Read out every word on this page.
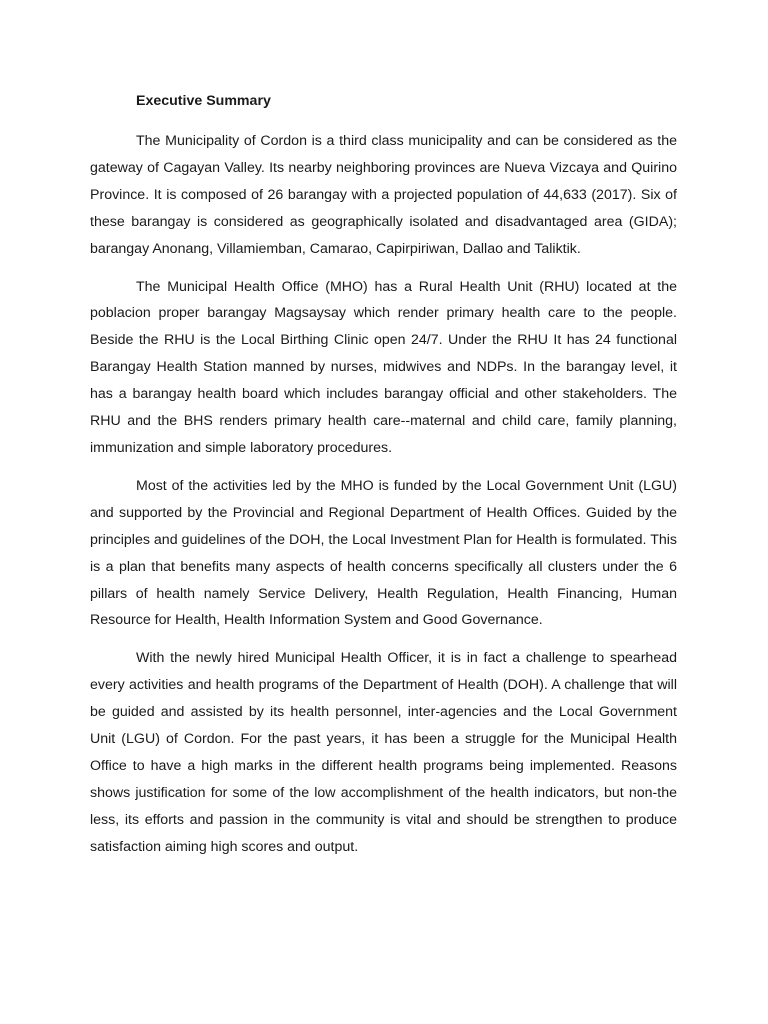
Executive Summary

The Municipality of Cordon is a third class municipality and can be considered as the gateway of Cagayan Valley. Its nearby neighboring provinces are Nueva Vizcaya and Quirino Province. It is composed of 26 barangay with a projected population of 44,633 (2017). Six of these barangay is considered as geographically isolated and disadvantaged area (GIDA); barangay Anonang, Villamiemban, Camarao, Capirpiriwan, Dallao and Taliktik.

The Municipal Health Office (MHO) has a Rural Health Unit (RHU) located at the poblacion proper barangay Magsaysay which render primary health care to the people. Beside the RHU is the Local Birthing Clinic open 24/7. Under the RHU It has 24 functional Barangay Health Station manned by nurses, midwives and NDPs. In the barangay level, it has a barangay health board which includes barangay official and other stakeholders. The RHU and the BHS renders primary health care--maternal and child care, family planning, immunization and simple laboratory procedures.

Most of the activities led by the MHO is funded by the Local Government Unit (LGU) and supported by the Provincial and Regional Department of Health Offices. Guided by the principles and guidelines of the DOH, the Local Investment Plan for Health is formulated. This is a plan that benefits many aspects of health concerns specifically all clusters under the 6 pillars of health namely Service Delivery, Health Regulation, Health Financing, Human Resource for Health, Health Information System and Good Governance.

With the newly hired Municipal Health Officer, it is in fact a challenge to spearhead every activities and health programs of the Department of Health (DOH). A challenge that will be guided and assisted by its health personnel, inter-agencies and the Local Government Unit (LGU) of Cordon. For the past years, it has been a struggle for the Municipal Health Office to have a high marks in the different health programs being implemented. Reasons shows justification for some of the low accomplishment of the health indicators, but non-the less, its efforts and passion in the community is vital and should be strengthen to produce satisfaction aiming high scores and output.
